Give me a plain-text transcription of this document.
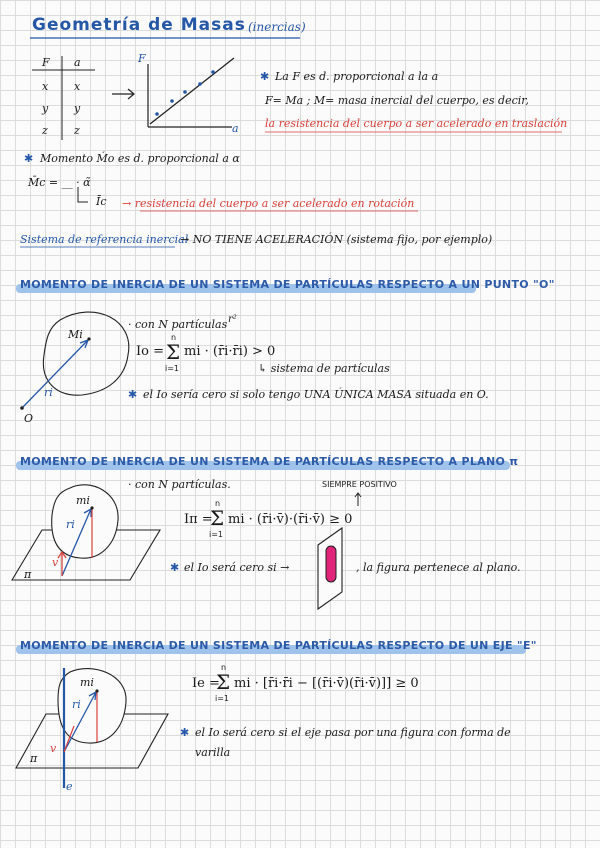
Geometría de Masas (inercias)
F a
x x
y y
z z
F
a
✱ La F es d. proporcional a la a
F= Ma ; M= masa inercial del cuerpo, es decir,
la resistencia del cuerpo a ser acelerado en traslación
✱ Momento Ḿo es d. proporcional a α
M̄c = __ · α̃
Īc → resistencia del cuerpo a ser acelerado en rotación
Sistema de referencia inercial
→ NO TIENE ACELERACIÓN (sistema fijo, por ejemplo)
MOMENTO DE INERCIA DE UN SISTEMA DE PARTÍCULAS RESPECTO A UN PUNTO "O"
Mi
ri
O
· con N partículas r²
Io = Σ
n
i=1
mi · (r̄i·r̄i) > 0
↳ sistema de partículas
✱ el Io sería cero si solo tengo UNA ÚNICA MASA situada en O.
MOMENTO DE INERCIA DE UN SISTEMA DE PARTÍCULAS RESPECTO A PLANO π
mi
ri
v
π
· con N partículas.	SIEMPRE POSITIVO
Iπ =
Σ
n
i=1
mi · (r̄i·v̄)·(r̄i·v̄) ≥ 0
✱ el Io será cero si →	, la figura pertenece al plano.
MOMENTO DE INERCIA DE UN SISTEMA DE PARTÍCULAS RESPECTO DE UN EJE "E"
mi
ri
v
π
e
Ie =
Σ
n
i=1
mi · [r̄i·r̄i − [(r̄i·v̄)(r̄i·v̄)]] ≥ 0
✱ el Io será cero si el eje pasa por una figura con forma de
varilla
